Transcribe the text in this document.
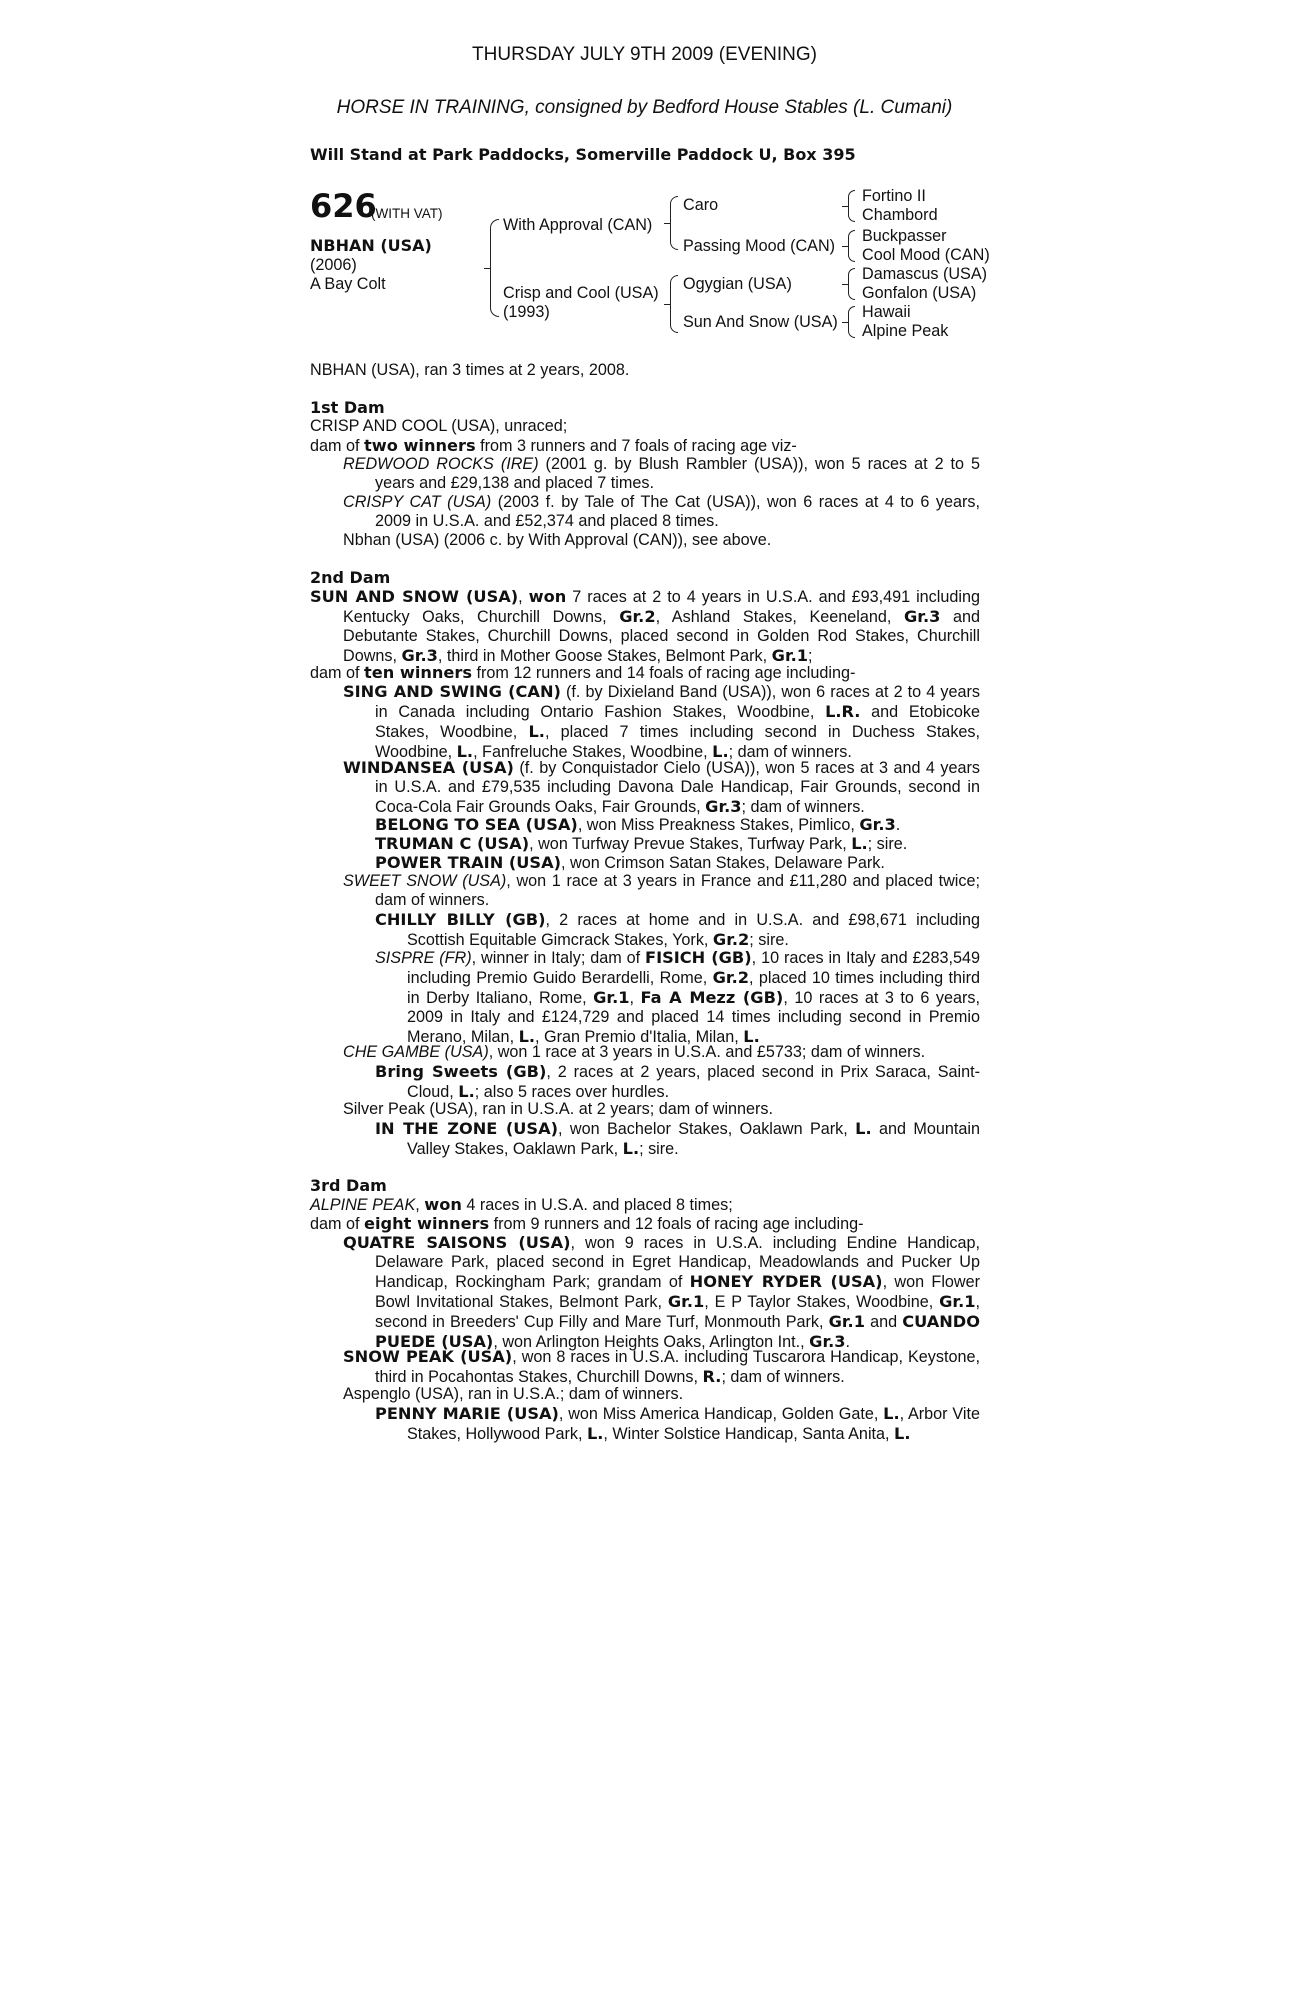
THURSDAY JULY 9TH 2009 (EVENING)
HORSE IN TRAINING, consigned by Bedford House Stables (L. Cumani)
Will Stand at Park Paddocks, Somerville Paddock U, Box 395
626
(WITH VAT)
NBHAN (USA)
(2006)
A Bay Colt
With Approval (CAN)
Crisp and Cool (USA)
(1993)
Caro
Passing Mood (CAN)
Ogygian (USA)
Sun And Snow (USA)
Fortino II
Chambord
Buckpasser
Cool Mood (CAN)
Damascus (USA)
Gonfalon (USA)
Hawaii
Alpine Peak
NBHAN (USA), ran 3 times at 2 years, 2008.
1st Dam
CRISP AND COOL (USA), unraced;
dam of two winners from 3 runners and 7 foals of racing age viz-
REDWOOD ROCKS (IRE) (2001 g. by Blush Rambler (USA)), won 5 races at 2 to 5 years and £29,138 and placed 7 times.
CRISPY CAT (USA) (2003 f. by Tale of The Cat (USA)), won 6 races at 4 to 6 years, 2009 in U.S.A. and £52,374 and placed 8 times.
Nbhan (USA) (2006 c. by With Approval (CAN)), see above.
2nd Dam
SUN AND SNOW (USA), won 7 races at 2 to 4 years in U.S.A. and £93,491 including Kentucky Oaks, Churchill Downs, Gr.2, Ashland Stakes, Keeneland, Gr.3 and Debutante Stakes, Churchill Downs, placed second in Golden Rod Stakes, Churchill Downs, Gr.3, third in Mother Goose Stakes, Belmont Park, Gr.1;
dam of ten winners from 12 runners and 14 foals of racing age including-
SING AND SWING (CAN) (f. by Dixieland Band (USA)), won 6 races at 2 to 4 years in Canada including Ontario Fashion Stakes, Woodbine, L.R. and Etobicoke Stakes, Woodbine, L., placed 7 times including second in Duchess Stakes, Woodbine, L., Fanfreluche Stakes, Woodbine, L.; dam of winners.
WINDANSEA (USA) (f. by Conquistador Cielo (USA)), won 5 races at 3 and 4 years in U.S.A. and £79,535 including Davona Dale Handicap, Fair Grounds, second in Coca-Cola Fair Grounds Oaks, Fair Grounds, Gr.3; dam of winners.
BELONG TO SEA (USA), won Miss Preakness Stakes, Pimlico, Gr.3.
TRUMAN C (USA), won Turfway Prevue Stakes, Turfway Park, L.; sire.
POWER TRAIN (USA), won Crimson Satan Stakes, Delaware Park.
SWEET SNOW (USA), won 1 race at 3 years in France and £11,280 and placed twice; dam of winners.
CHILLY BILLY (GB), 2 races at home and in U.S.A. and £98,671 including Scottish Equitable Gimcrack Stakes, York, Gr.2; sire.
SISPRE (FR), winner in Italy; dam of FISICH (GB), 10 races in Italy and £283,549 including Premio Guido Berardelli, Rome, Gr.2, placed 10 times including third in Derby Italiano, Rome, Gr.1, Fa A Mezz (GB), 10 races at 3 to 6 years, 2009 in Italy and £124,729 and placed 14 times including second in Premio Merano, Milan, L., Gran Premio d'Italia, Milan, L.
CHE GAMBE (USA), won 1 race at 3 years in U.S.A. and £5733; dam of winners.
Bring Sweets (GB), 2 races at 2 years, placed second in Prix Saraca, Saint-Cloud, L.; also 5 races over hurdles.
Silver Peak (USA), ran in U.S.A. at 2 years; dam of winners.
IN THE ZONE (USA), won Bachelor Stakes, Oaklawn Park, L. and Mountain Valley Stakes, Oaklawn Park, L.; sire.
3rd Dam
ALPINE PEAK, won 4 races in U.S.A. and placed 8 times;
dam of eight winners from 9 runners and 12 foals of racing age including-
QUATRE SAISONS (USA), won 9 races in U.S.A. including Endine Handicap, Delaware Park, placed second in Egret Handicap, Meadowlands and Pucker Up Handicap, Rockingham Park; grandam of HONEY RYDER (USA), won Flower Bowl Invitational Stakes, Belmont Park, Gr.1, E P Taylor Stakes, Woodbine, Gr.1, second in Breeders' Cup Filly and Mare Turf, Monmouth Park, Gr.1 and CUANDO PUEDE (USA), won Arlington Heights Oaks, Arlington Int., Gr.3.
SNOW PEAK (USA), won 8 races in U.S.A. including Tuscarora Handicap, Keystone, third in Pocahontas Stakes, Churchill Downs, R.; dam of winners.
Aspenglo (USA), ran in U.S.A.; dam of winners.
PENNY MARIE (USA), won Miss America Handicap, Golden Gate, L., Arbor Vite Stakes, Hollywood Park, L., Winter Solstice Handicap, Santa Anita, L.
